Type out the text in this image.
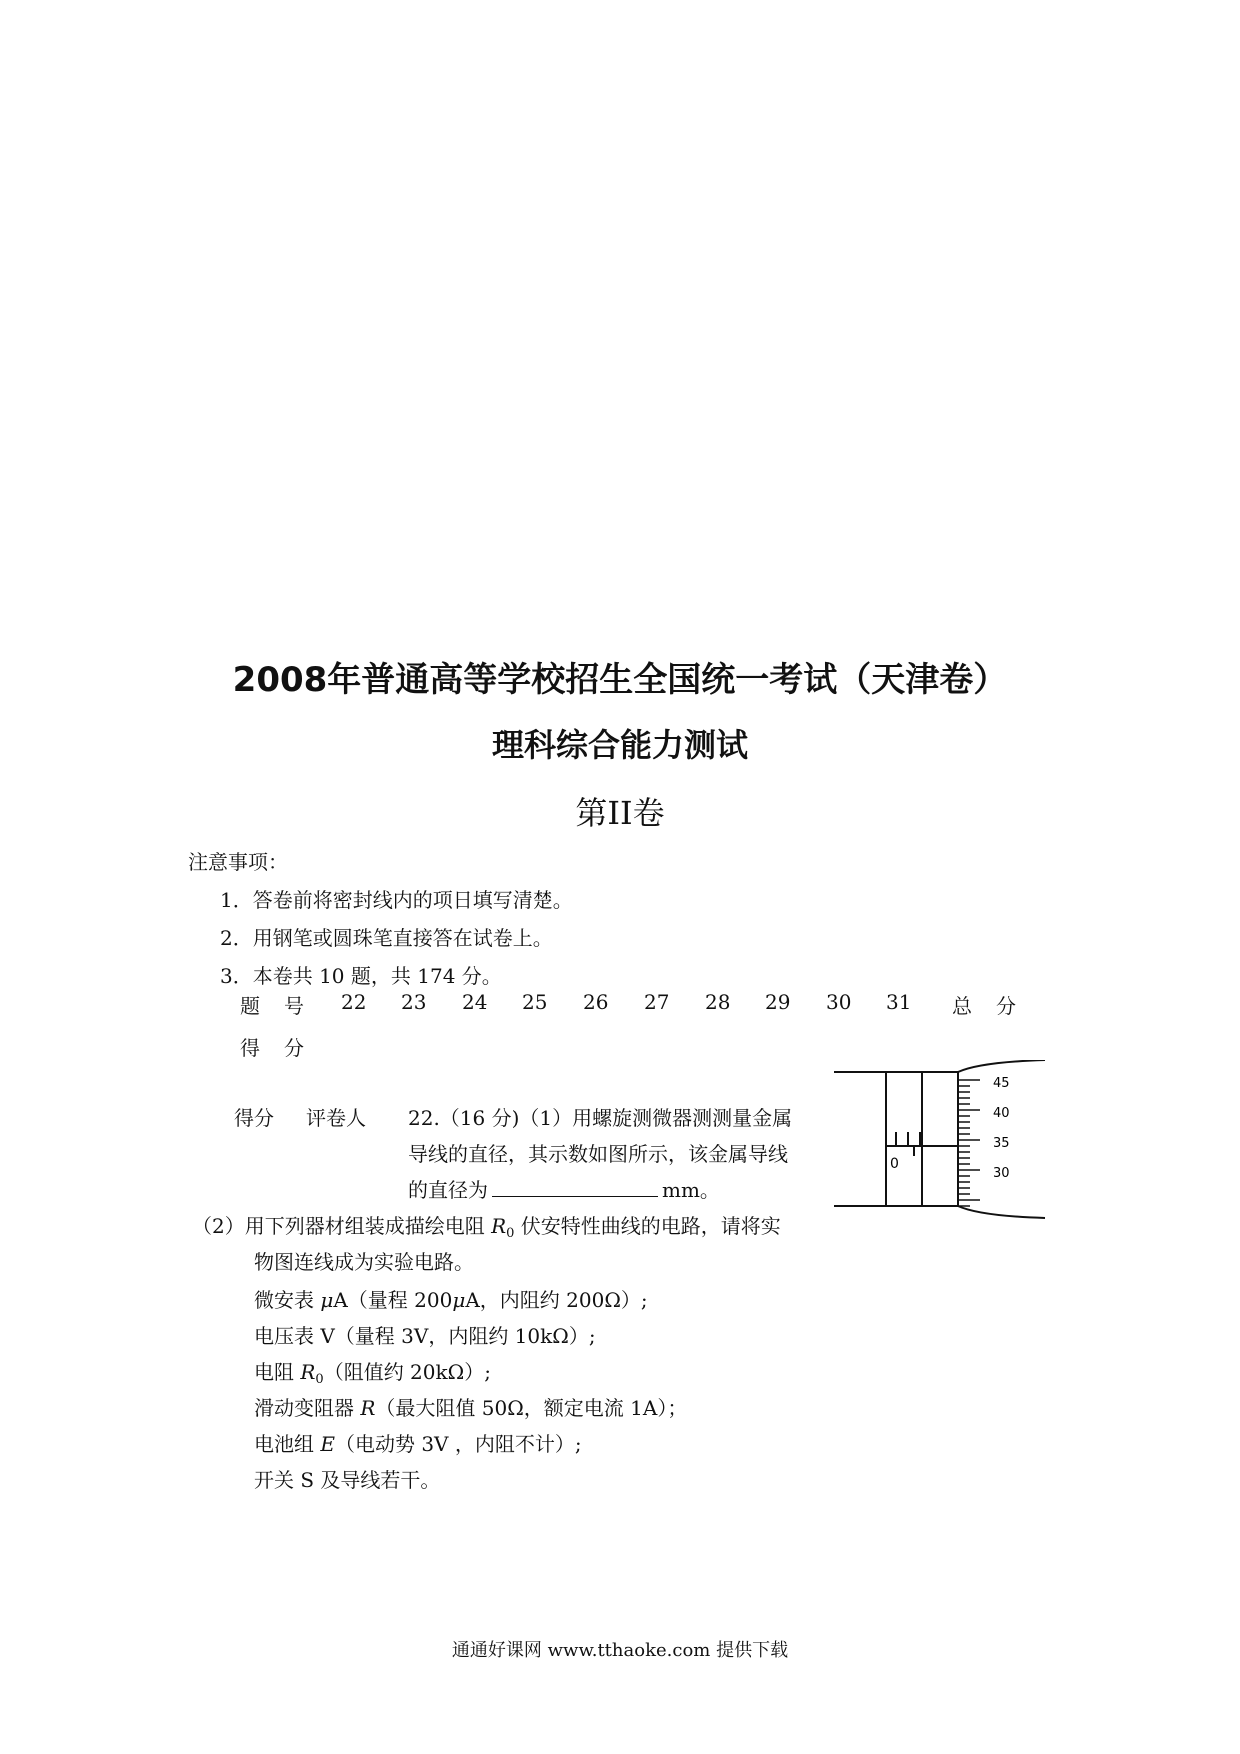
2008年普通高等学校招生全国统一考试（天津卷）
理科综合能力测试
第II卷
注意事项：
1．答卷前将密封线内的项日填写清楚。
2．用钢笔或圆珠笔直接答在试卷上。
3．本卷共 10 题，共 174 分。
题 号 22 23 24 25 26 27 28 29 30 31 总 分
得 分
得分 评卷人 22.（16 分)（1）用螺旋测微器测测量金属
导线的直径，其示数如图所示，该金属导线
的直径为	mm。
（2）用下列器材组装成描绘电阻 $R_0$ 伏安特性曲线的电路，请将实
物图连线成为实验电路。
微安表 μA（量程 200μA，内阻约 200Ω）;
电压表 V（量程 3V，内阻约 10kΩ）;
电阻 $R_0$（阻值约 20kΩ）;
滑动变阻器 R（最大阻值 50Ω，额定电流 1A）；
电池组 E（电动势 3V ，内阻不计）;
开关 S 及导线若干。
0
45
40
35
30
通通好课网 www.tthaoke.com 提供下载
